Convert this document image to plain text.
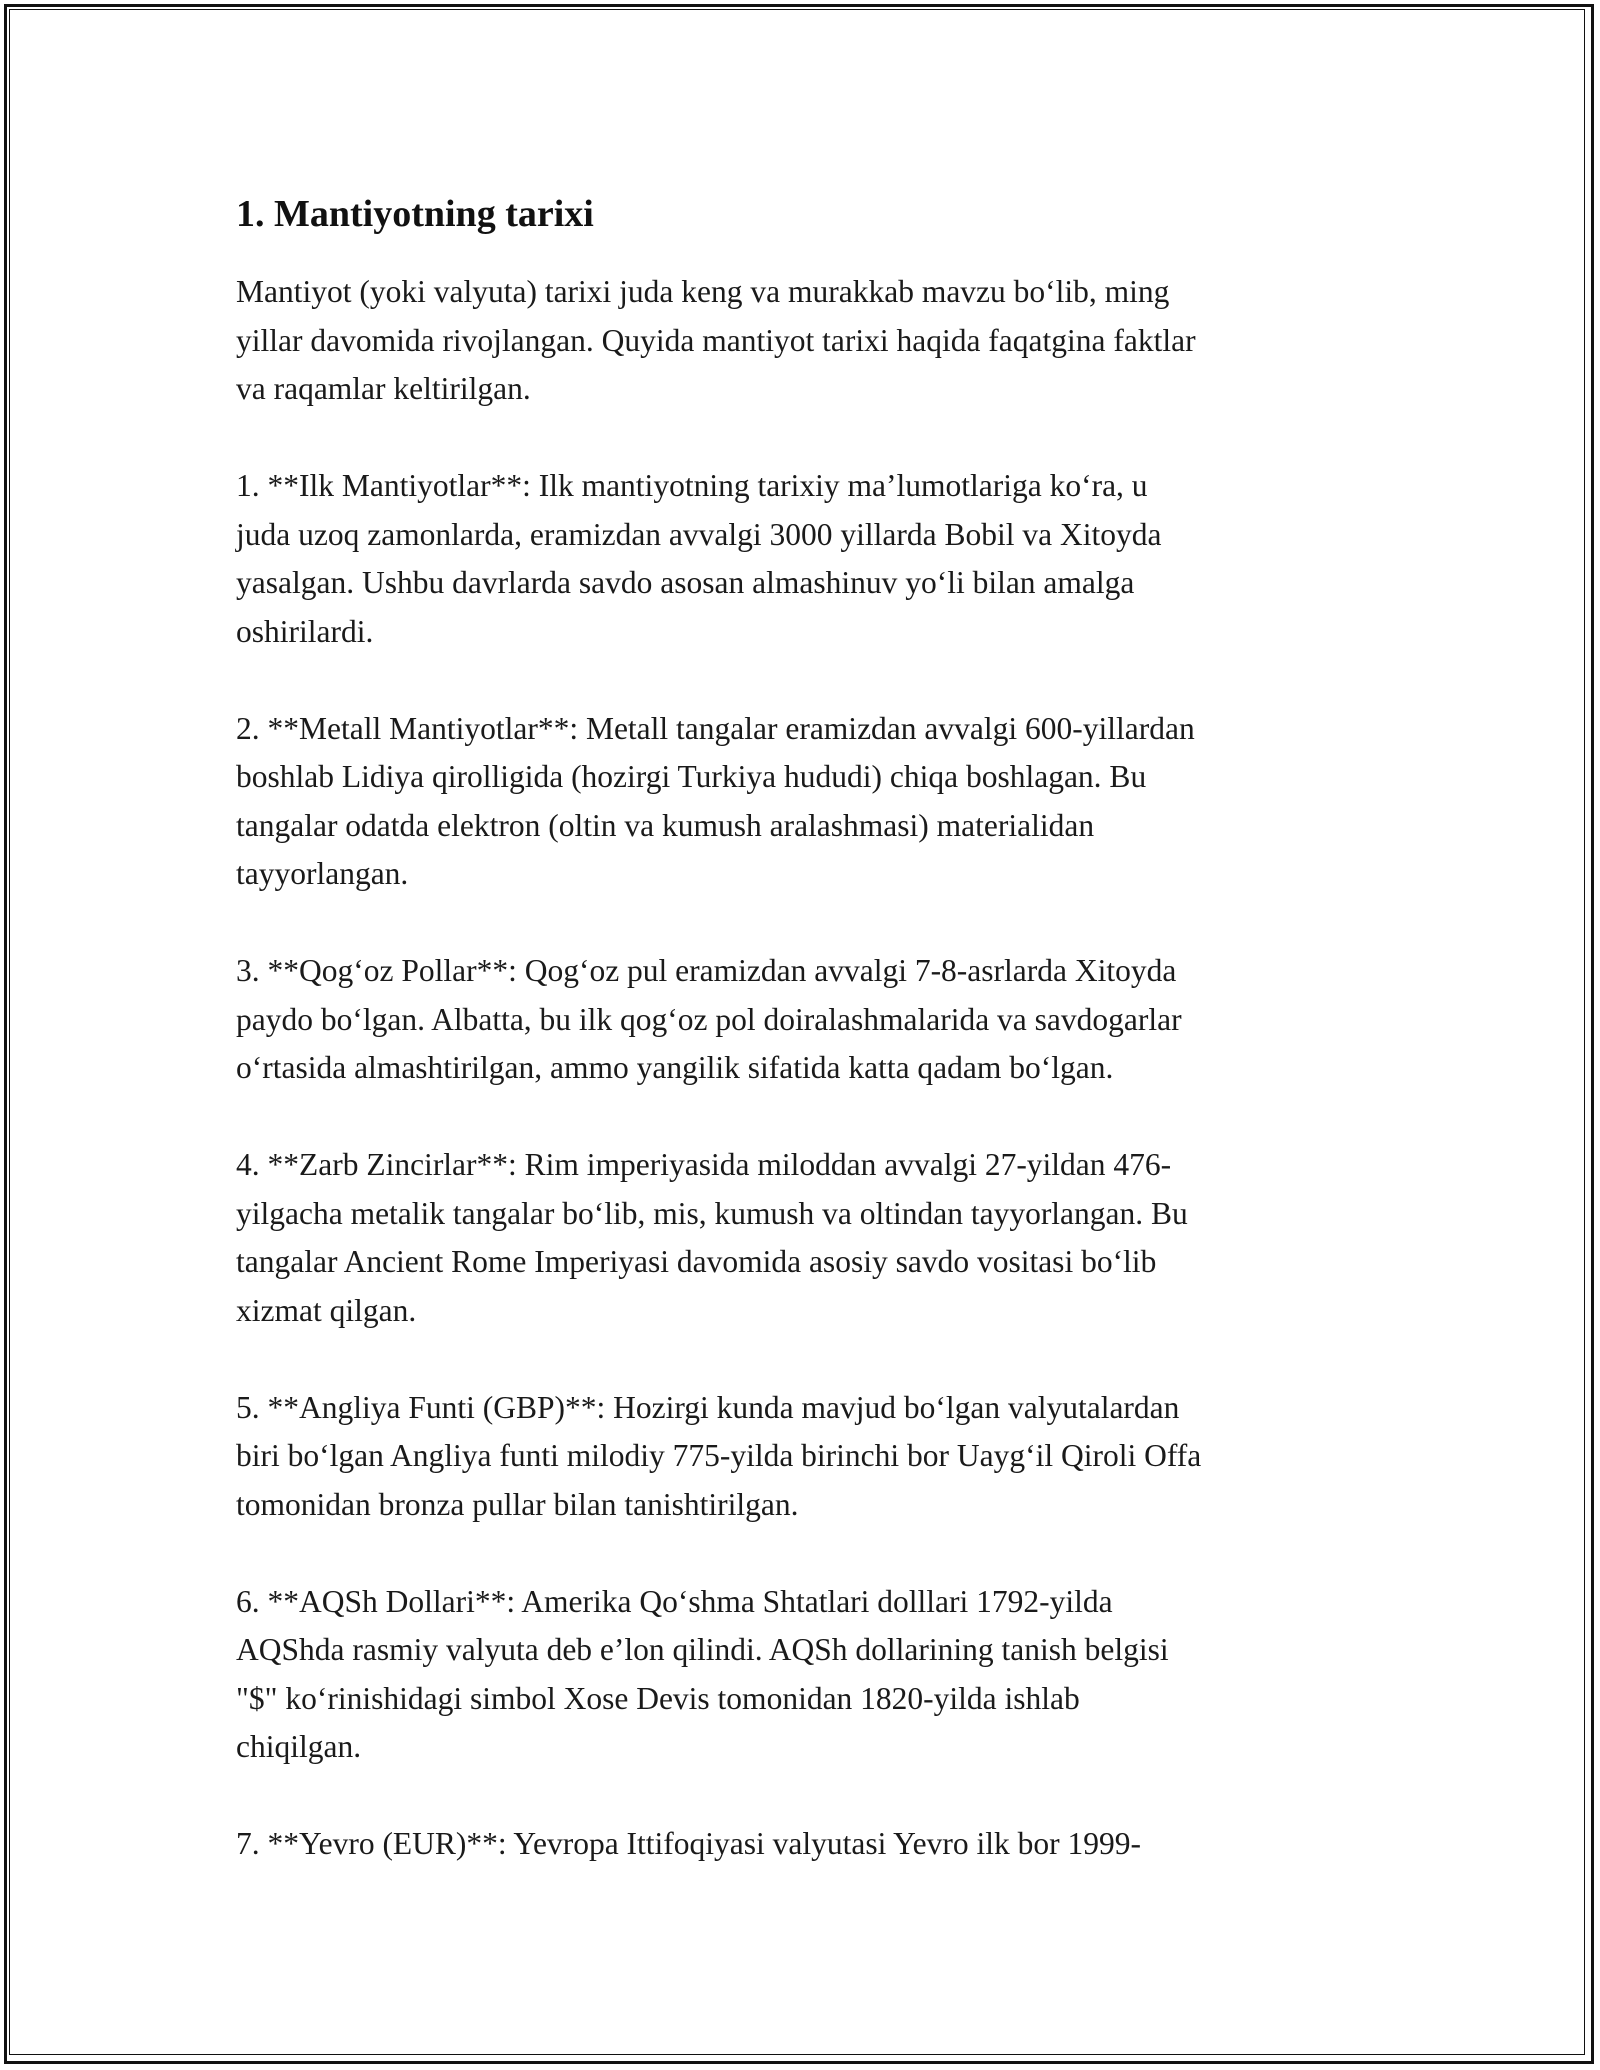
1. Mantiyotning tarixi

Mantiyot (yoki valyuta) tarixi juda keng va murakkab mavzu bo‘lib, ming
yillar davomida rivojlangan. Quyida mantiyot tarixi haqida faqatgina faktlar
va raqamlar keltirilgan.

1. **Ilk Mantiyotlar**: Ilk mantiyotning tarixiy ma’lumotlariga ko‘ra, u
juda uzoq zamonlarda, eramizdan avvalgi 3000 yillarda Bobil va Xitoyda
yasalgan. Ushbu davrlarda savdo asosan almashinuv yo‘li bilan amalga
oshirilardi.

2. **Metall Mantiyotlar**: Metall tangalar eramizdan avvalgi 600-yillardan
boshlab Lidiya qirolligida (hozirgi Turkiya hududi) chiqa boshlagan. Bu
tangalar odatda elektron (oltin va kumush aralashmasi) materialidan
tayyorlangan.

3. **Qog‘oz Pollar**: Qog‘oz pul eramizdan avvalgi 7-8-asrlarda Xitoyda
paydo bo‘lgan. Albatta, bu ilk qog‘oz pol doiralashmalarida va savdogarlar
o‘rtasida almashtirilgan, ammo yangilik sifatida katta qadam bo‘lgan.

4. **Zarb Zincirlar**: Rim imperiyasida miloddan avvalgi 27-yildan 476-
yilgacha metalik tangalar bo‘lib, mis, kumush va oltindan tayyorlangan. Bu
tangalar Ancient Rome Imperiyasi davomida asosiy savdo vositasi bo‘lib
xizmat qilgan.

5. **Angliya Funti (GBP)**: Hozirgi kunda mavjud bo‘lgan valyutalardan
biri bo‘lgan Angliya funti milodiy 775-yilda birinchi bor Uayg‘il Qiroli Offa
tomonidan bronza pullar bilan tanishtirilgan.

6. **AQSh Dollari**: Amerika Qo‘shma Shtatlari dolllari 1792-yilda
AQShda rasmiy valyuta deb e’lon qilindi. AQSh dollarining tanish belgisi
"$" ko‘rinishidagi simbol Xose Devis tomonidan 1820-yilda ishlab
chiqilgan.

7. **Yevro (EUR)**: Yevropa Ittifoqiyasi valyutasi Yevro ilk bor 1999-
